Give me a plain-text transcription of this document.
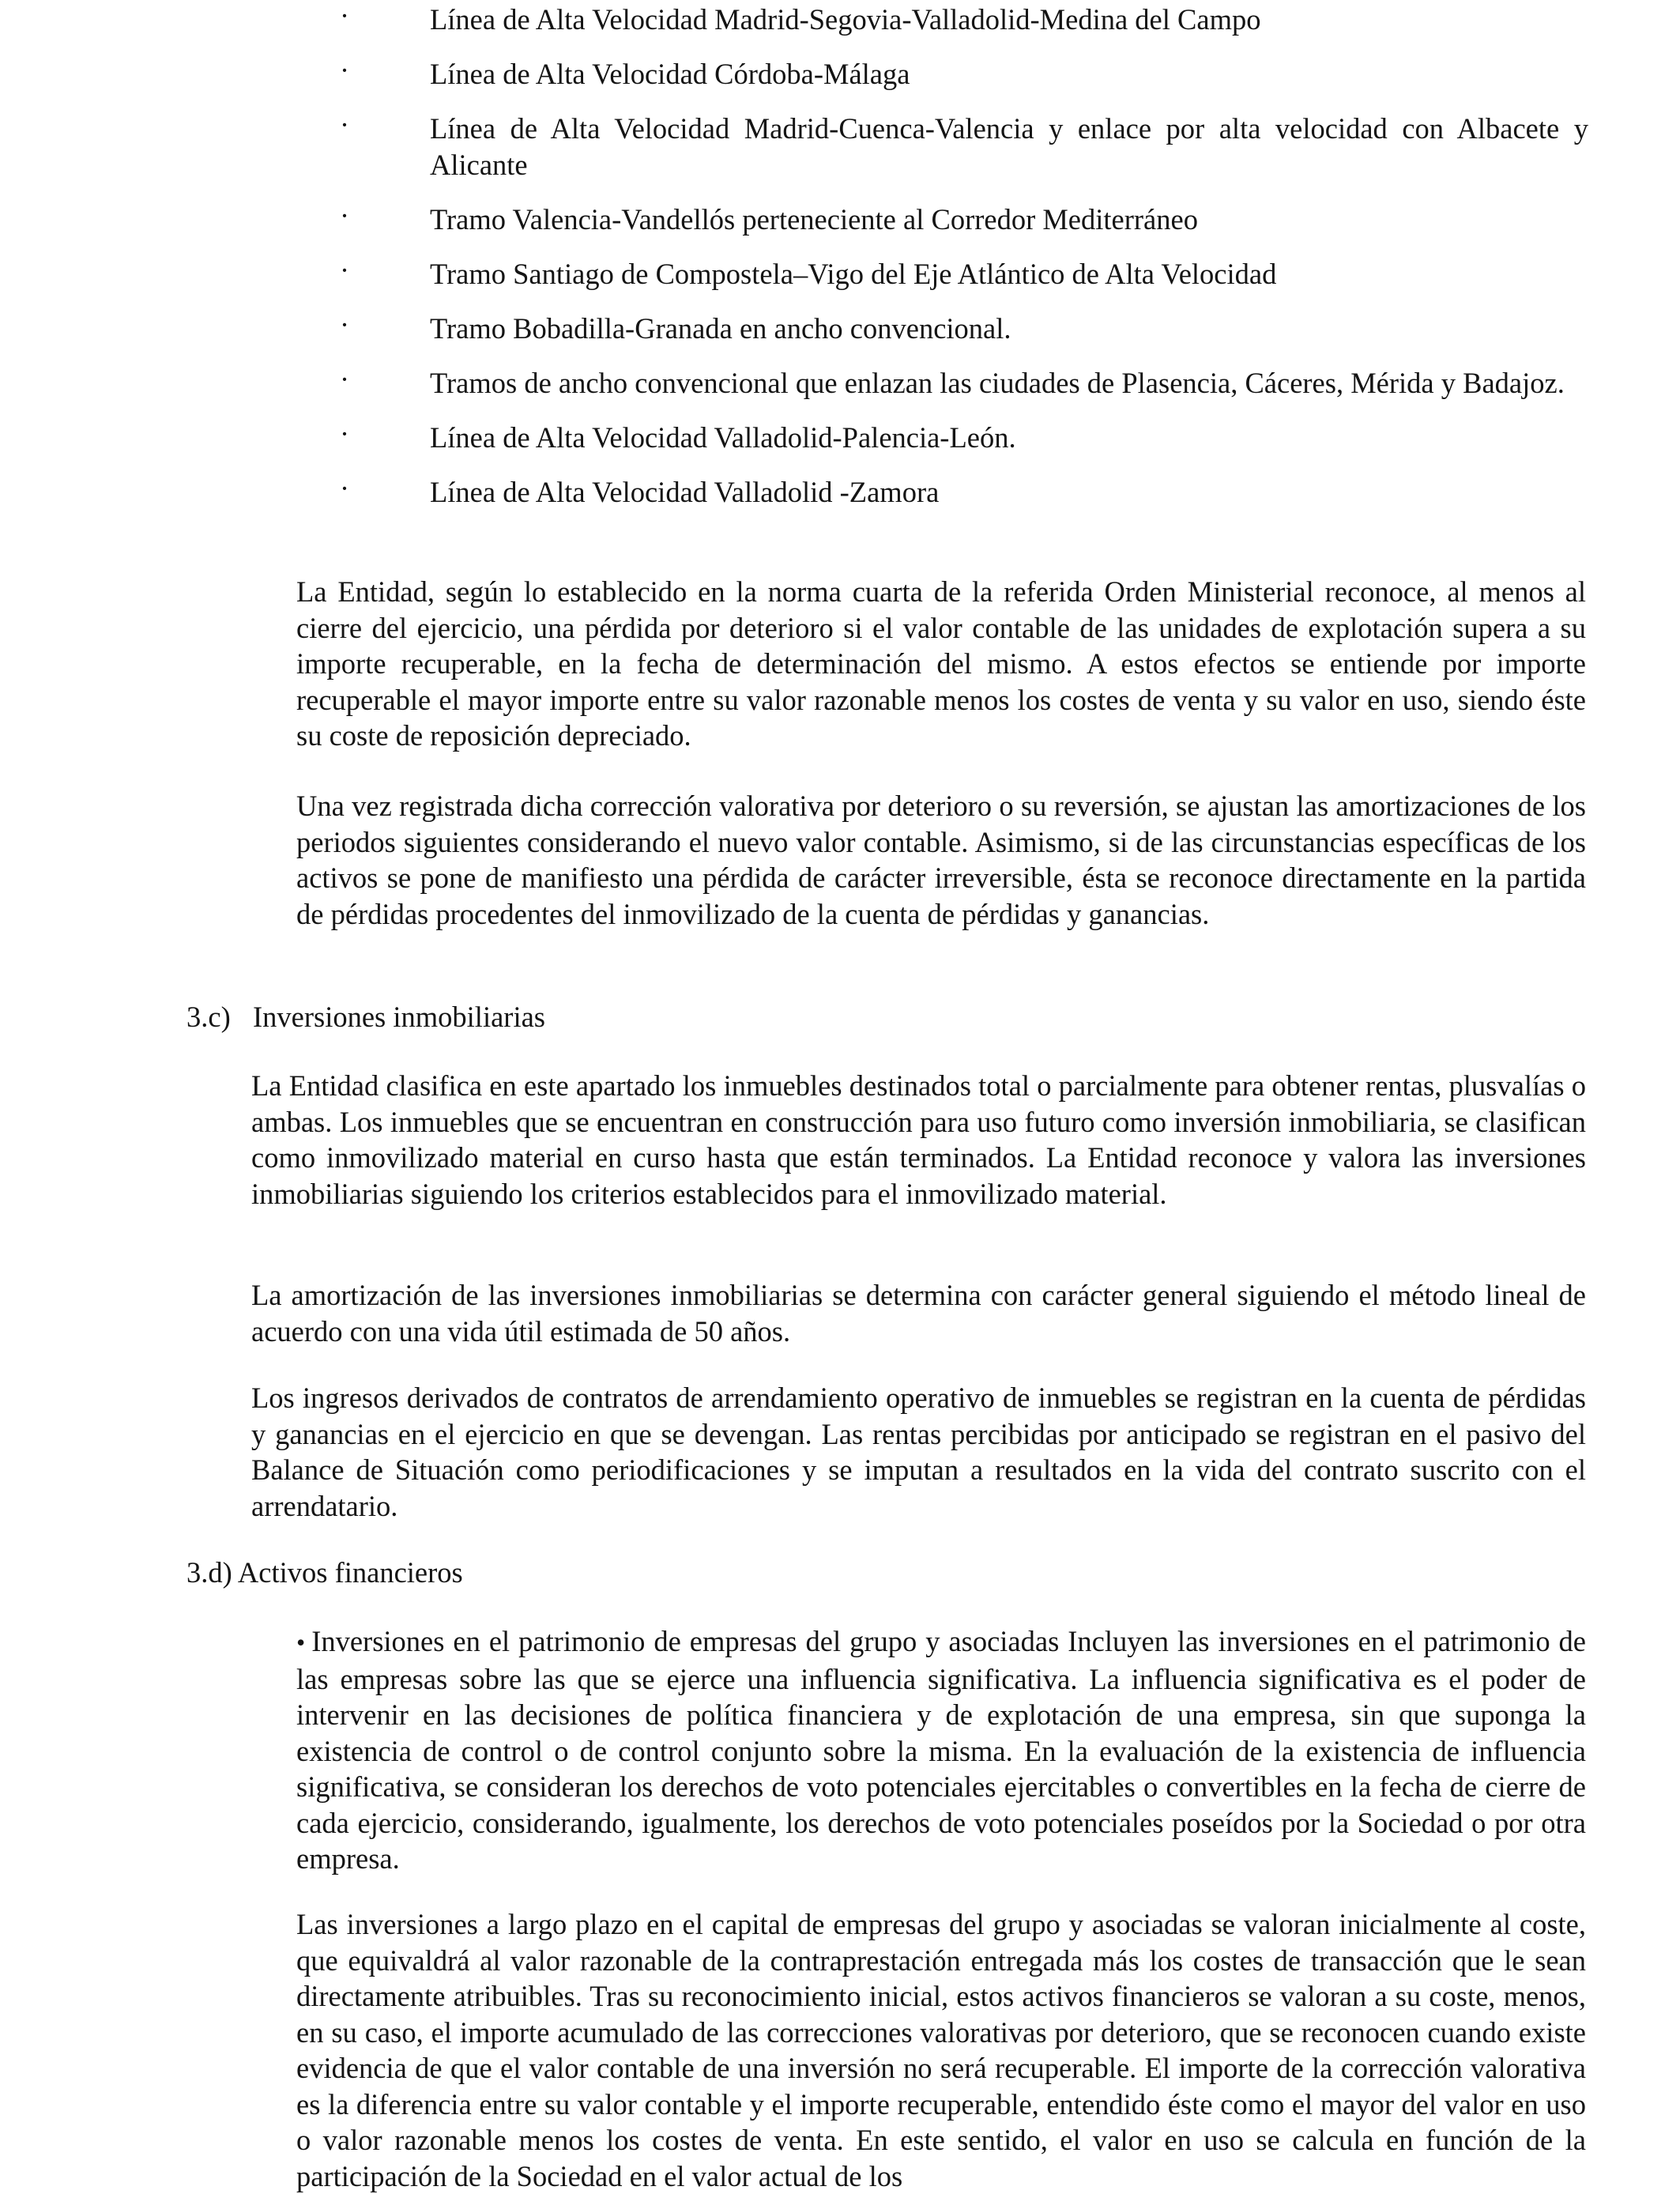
·	Línea de Alta Velocidad Madrid-Segovia-Valladolid-Medina del Campo
·	Línea de Alta Velocidad Córdoba-Málaga
·	Línea de Alta Velocidad Madrid-Cuenca-Valencia y enlace por alta velocidad con Albacete y Alicante
·	Tramo Valencia-Vandellós perteneciente al Corredor Mediterráneo
·	Tramo Santiago de Compostela–Vigo del Eje Atlántico de Alta Velocidad
·	Tramo Bobadilla-Granada en ancho convencional.
·	Tramos de ancho convencional que enlazan las ciudades de Plasencia, Cáceres, Mérida y Badajoz.
·	Línea de Alta Velocidad Valladolid-Palencia-León.
·	Línea de Alta Velocidad Valladolid -Zamora

La Entidad, según lo establecido en la norma cuarta de la referida Orden Ministerial reconoce, al menos al cierre del ejercicio, una pérdida por deterioro si el valor contable de las unidades de explotación supera a su importe recuperable, en la fecha de determinación del mismo. A estos efectos se entiende por importe recuperable el mayor importe entre su valor razonable menos los costes de venta y su valor en uso, siendo éste su coste de reposición depreciado.

Una vez registrada dicha corrección valorativa por deterioro o su reversión, se ajustan las amortizaciones de los periodos siguientes considerando el nuevo valor contable. Asimismo, si de las circunstancias específicas de los activos se pone de manifiesto una pérdida de carácter irreversible, ésta se reconoce directamente en la partida de pérdidas procedentes del inmovilizado de la cuenta de pérdidas y ganancias.

3.c) Inversiones inmobiliarias

La Entidad clasifica en este apartado los inmuebles destinados total o parcialmente para obtener rentas, plusvalías o ambas. Los inmuebles que se encuentran en construcción para uso futuro como inversión inmobiliaria, se clasifican como inmovilizado material en curso hasta que están terminados. La Entidad reconoce y valora las inversiones inmobiliarias siguiendo los criterios establecidos para el inmovilizado material.

La amortización de las inversiones inmobiliarias se determina con carácter general siguiendo el método lineal de acuerdo con una vida útil estimada de 50 años.

Los ingresos derivados de contratos de arrendamiento operativo de inmuebles se registran en la cuenta de pérdidas y ganancias en el ejercicio en que se devengan. Las rentas percibidas por anticipado se registran en el pasivo del Balance de Situación como periodificaciones y se imputan a resultados en la vida del contrato suscrito con el arrendatario.

3.d) Activos financieros

• Inversiones en el patrimonio de empresas del grupo y asociadas Incluyen las inversiones en el patrimonio de las empresas sobre las que se ejerce una influencia significativa. La influencia significativa es el poder de intervenir en las decisiones de política financiera y de explotación de una empresa, sin que suponga la existencia de control o de control conjunto sobre la misma. En la evaluación de la existencia de influencia significativa, se consideran los derechos de voto potenciales ejercitables o convertibles en la fecha de cierre de cada ejercicio, considerando, igualmente, los derechos de voto potenciales poseídos por la Sociedad o por otra empresa.

Las inversiones a largo plazo en el capital de empresas del grupo y asociadas se valoran inicialmente al coste, que equivaldrá al valor razonable de la contraprestación entregada más los costes de transacción que le sean directamente atribuibles. Tras su reconocimiento inicial, estos activos financieros se valoran a su coste, menos, en su caso, el importe acumulado de las correcciones valorativas por deterioro, que se reconocen cuando existe evidencia de que el valor contable de una inversión no será recuperable. El importe de la corrección valorativa es la diferencia entre su valor contable y el importe recuperable, entendido éste como el mayor del valor en uso o valor razonable menos los costes de venta. En este sentido, el valor en uso se calcula en función de la participación de la Sociedad en el valor actual de los
